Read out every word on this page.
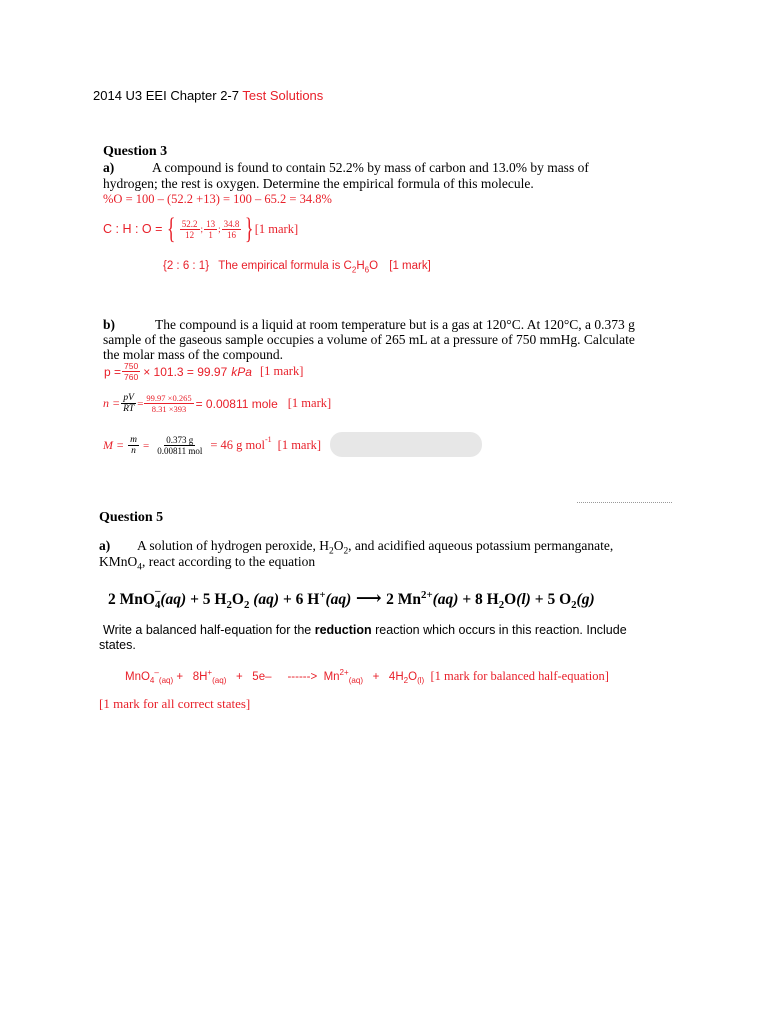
2014 U3 EEI Chapter 2-7 Test Solutions
Question 3
a)	A compound is found to contain 52.2% by mass of carbon and 13.0% by mass of
hydrogen; the rest is oxygen. Determine the empirical formula of this molecule.
%O = 100 – (52.2 +13) = 100 – 65.2 = 34.8%
C : H : O = { $\frac{52.2}{12}$ ; $\frac{13}{1}$ ; $\frac{34.8}{16}$ } [1 mark]
{2 : 6 : 1} The empirical formula is $C_2H_6O$ [1 mark]
b)	The compound is a liquid at room temperature but is a gas at 120°C. At 120°C, a 0.373 g
sample of the gaseous sample occupies a volume of 265 mL at a pressure of 750 mmHg. Calculate
the molar mass of the compound.
$p = \frac{750}{760} \times 101.3 = 99.97$ kPa [1 mark]
$n = \frac{pV}{RT} = \frac{99.97 \times 0.265}{8.31 \times 393} = 0.00811$ mole [1 mark]
$M = \frac{m}{n} = \frac{0.373 g}{\text{0.00811 mol}} = 46$ g mol$^{-1}$ [1 mark]
Question 5
a) A solution of hydrogen peroxide, $H_2O_2$, and acidified aqueous potassium permanganate,
KMnO$_4$, react according to the equation
2 MnO$_4$
– (aq) + 5 $H_2O_2$ (aq) + 6 H+(aq) ⟶ 2 $Mn^{2+}(aq) + 8$ $H_2O(l) + 5$ $O_2(g)$
Write a balanced half-equation for the reduction reaction which occurs in this reaction. Include
states.
$MnO_4^-_{(aq)} + 8H^+_{(aq)} + 5e-$     ------>  $Mn^{2+}_{(aq)} + 4H_2O_{(l)}$  [1 mark for balanced half-equation]
[1 mark for all correct states]
